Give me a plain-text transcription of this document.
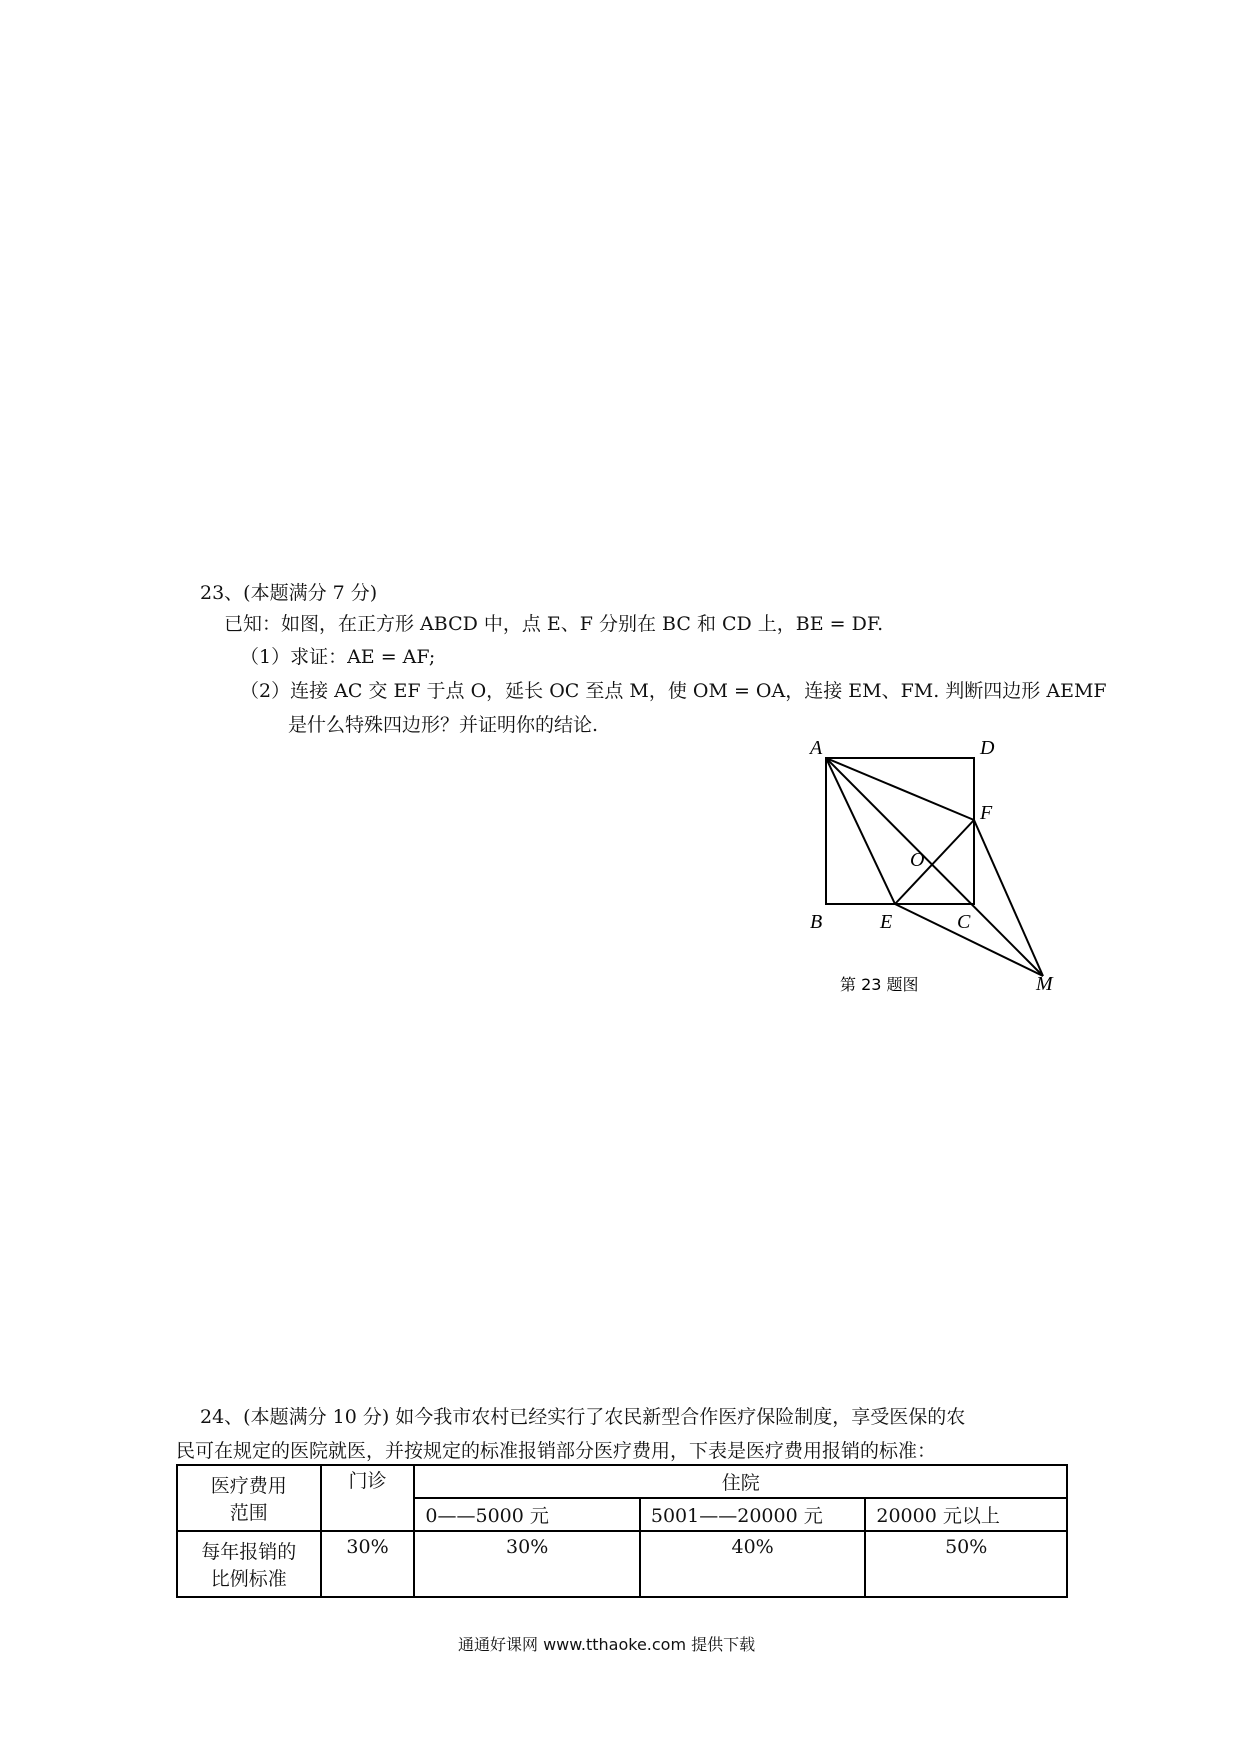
23、(本题满分 7 分)
已知：如图，在正方形 ABCD 中，点 E、F 分别在 BC 和 CD 上，BE = DF.
（1）求证：AE = AF;
（2）连接 AC 交 EF 于点 O，延长 OC 至点 M，使 OM = OA，连接 EM、FM. 判断四边形 AEMF
是什么特殊四边形？并证明你的结论.
A	D
F
O
B	E	C
M
第 23 题图
24、(本题满分 10 分) 如今我市农村已经实行了农民新型合作医疗保险制度，享受医保的农
民可在规定的医院就医，并按规定的标准报销部分医疗费用，下表是医疗费用报销的标准：
医疗费用
范围	门诊	住院		
		0——5000 元	5001——20000 元	20000 元以上

每年报销的
比例标准	30%	30%	40%	50%
通通好课网 www.tthaoke.com 提供下载
